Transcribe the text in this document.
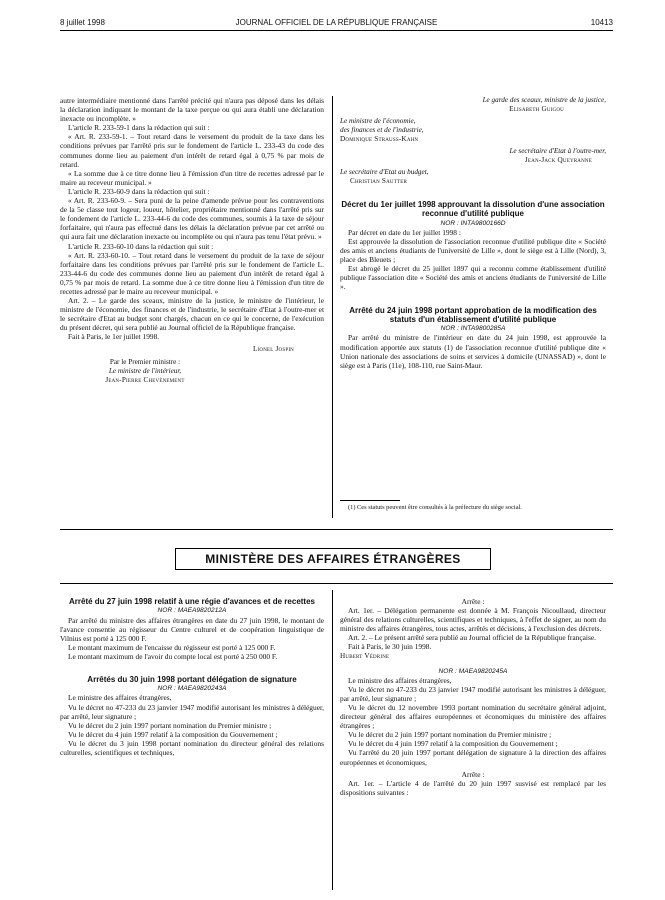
8 juillet 1998	JOURNAL OFFICIEL DE LA RÉPUBLIQUE FRANÇAISE	10413

autre intermédiaire mentionné dans l'arrêté précité qui n'aura pas déposé dans les délais la déclaration indiquant le montant de la taxe perçue ou qui aura établi une déclaration inexacte ou incomplète. »

L'article R. 233-59-1 dans la rédaction qui suit :

« Art. R. 233-59-1. – Tout retard dans le versement du produit de la taxe dans les conditions prévues par l'arrêté pris sur le fondement de l'article L. 233-43 du code des communes donne lieu au paiement d'un intérêt de retard égal à 0,75 % par mois de retard.

« La somme due à ce titre donne lieu à l'émission d'un titre de recettes adressé par le maire au receveur municipal. »

L'article R. 233-60-9 dans la rédaction qui suit :

« Art. R. 233-60-9. – Sera puni de la peine d'amende prévue pour les contraventions de la 5e classe tout logeur, loueur, hôtelier, propriétaire mentionné dans l'arrêté pris sur le fondement de l'article L. 233-44-6 du code des communes, soumis à la taxe de séjour forfaitaire, qui n'aura pas effectué dans les délais la déclaration prévue par cet arrêté ou qui aura fait une déclaration inexacte ou incomplète ou qui n'aura pas tenu l'état prévu. »

L'article R. 233-60-10 dans la rédaction qui suit :

« Art. R. 233-60-10. – Tout retard dans le versement du produit de la taxe de séjour forfaitaire dans les conditions prévues par l'arrêté pris sur le fondement de l'article L. 233-44-6 du code des communes donne lieu au paiement d'un intérêt de retard égal à 0,75 % par mois de retard. La somme due à ce titre donne lieu à l'émission d'un titre de recettes adressé par le maire au receveur municipal. »

Art. 2. – Le garde des sceaux, ministre de la justice, le ministre de l'intérieur, le ministre de l'économie, des finances et de l'industrie, le secrétaire d'Etat à l'outre-mer et le secrétaire d'Etat au budget sont chargés, chacun en ce qui le concerne, de l'exécution du présent décret, qui sera publié au Journal officiel de la République française.

Fait à Paris, le 1er juillet 1998.

Lionel Jospin
Par le Premier ministre :
Le ministre de l'intérieur,
Jean-Pierre Chevènement
Le garde des sceaux, ministre de la justice,
Elisabeth Guigou
Le ministre de l'économie,
des finances et de l'industrie,
Dominique Strauss-Kahn
Le secrétaire d'Etat à l'outre-mer,
Jean-Jack Queyranne
Le secrétaire d'Etat au budget,
Christian Sautter

Décret du 1er juillet 1998 approuvant la dissolution d'une association reconnue d'utilité publique

NOR : INTA9800166D

Par décret en date du 1er juillet 1998 :

Est approuvée la dissolution de l'association reconnue d'utilité publique dite « Société des amis et anciens étudiants de l'université de Lille », dont le siège est à Lille (Nord), 3, place des Bleuets ;

Est abrogé le décret du 25 juillet 1897 qui a reconnu comme établissement d'utilité publique l'association dite « Société des amis et anciens étudiants de l'université de Lille ».

Arrêté du 24 juin 1998 portant approbation de la modification des statuts d'un établissement d'utilité publique

NOR : INTA9800285A

Par arrêté du ministre de l'intérieur en date du 24 juin 1998, est approuvée la modification apportée aux statuts (1) de l'association reconnue d'utilité publique dite « Union nationale des associations de soins et services à domicile (UNASSAD) », dont le siège est à Paris (11e), 108-110, rue Saint-Maur.

(1) Ces statuts peuvent être consultés à la préfecture du siège social.

MINISTÈRE DES AFFAIRES ÉTRANGÈRES

Arrêté du 27 juin 1998 relatif à une régie d'avances et de recettes

NOR : MAEA9820212A

Par arrêté du ministre des affaires étrangères en date du 27 juin 1998, le montant de l'avance consentie au régisseur du Centre culturel et de coopération linguistique de Vilnius est porté à 125 000 F.

Le montant maximum de l'encaisse du régisseur est porté à 125 000 F.

Le montant maximum de l'avoir du compte local est porté à 250 000 F.

Arrêtés du 30 juin 1998 portant délégation de signature

NOR : MAEA9820243A

Le ministre des affaires étrangères,

Vu le décret no 47-233 du 23 janvier 1947 modifié autorisant les ministres à déléguer, par arrêté, leur signature ;

Vu le décret du 2 juin 1997 portant nomination du Premier ministre ;

Vu le décret du 4 juin 1997 relatif à la composition du Gouvernement ;

Vu le décret du 3 juin 1998 portant nomination du directeur général des relations culturelles, scientifiques et techniques,

Arrête :

Art. 1er. – Délégation permanente est donnée à M. François Nicoullaud, directeur général des relations culturelles, scientifiques et techniques, à l'effet de signer, au nom du ministre des affaires étrangères, tous actes, arrêtés et décisions, à l'exclusion des décrets.

Art. 2. – Le présent arrêté sera publié au Journal officiel de la République française.

Fait à Paris, le 30 juin 1998.

Hubert Védrine

NOR : MAEA9820245A

Le ministre des affaires étrangères,

Vu le décret no 47-233 du 23 janvier 1947 modifié autorisant les ministres à déléguer, par arrêté, leur signature ;

Vu le décret du 12 novembre 1993 portant nomination du secrétaire général adjoint, directeur général des affaires européennes et économiques du ministère des affaires étrangères ;

Vu le décret du 2 juin 1997 portant nomination du Premier ministre ;

Vu le décret du 4 juin 1997 relatif à la composition du Gouvernement ;

Vu l'arrêté du 20 juin 1997 portant délégation de signature à la direction des affaires européennes et économiques,

Arrête :

Art. 1er. – L'article 4 de l'arrêté du 20 juin 1997 susvisé est remplacé par les dispositions suivantes :
